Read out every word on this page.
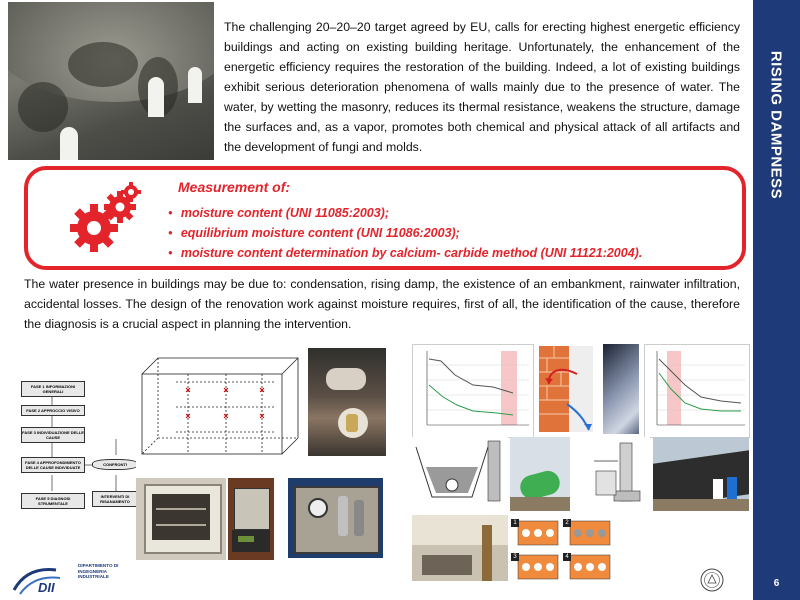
RISING DAMPNESS
6

The challenging 20–20–20 target agreed by EU, calls for erecting highest energetic efficiency buildings and acting on existing building heritage. Unfortunately, the enhancement of the energetic efficiency requires the restoration of the building. Indeed, a lot of existing buildings exhibit serious deterioration phenomena of walls mainly due to the presence of water. The water, by wetting the masonry, reduces its thermal resistance, weakens the structure, damage the surfaces and, as a vapor, promotes both chemical and physical attack of all artifacts and the development of fungi and molds.

Measurement of:

● moisture content (UNI 11085:2003);
● equilibrium moisture content (UNI 11086:2003);
● moisture content determination by calcium- carbide method (UNI 11121:2004).

The water presence in buildings may be due to: condensation, rising damp, the existence of an embankment, rainwater infiltration, accidental losses. The design of the renovation work against moisture requires, first of all, the identification of the cause, therefore the diagnosis is a crucial aspect in planning the intervention.

FASE 1 INFORMAZIONI GENERALI
FASE 2 APPROCCIO VISIVO
FASE 3 INDIVIDUAZIONE DELLE CAUSE
FASE 4 APPROFONDIMENTO DELLE CAUSE INDIVIDUATE
FASE 5 DIAGNOSI STRUMENTALE
CONFRONTI
INTERVENTI DI RISANAMENTO
1	2
3	4
DII

DIPARTIMENTO DI
INGEGNERIA
INDUSTRIALE
